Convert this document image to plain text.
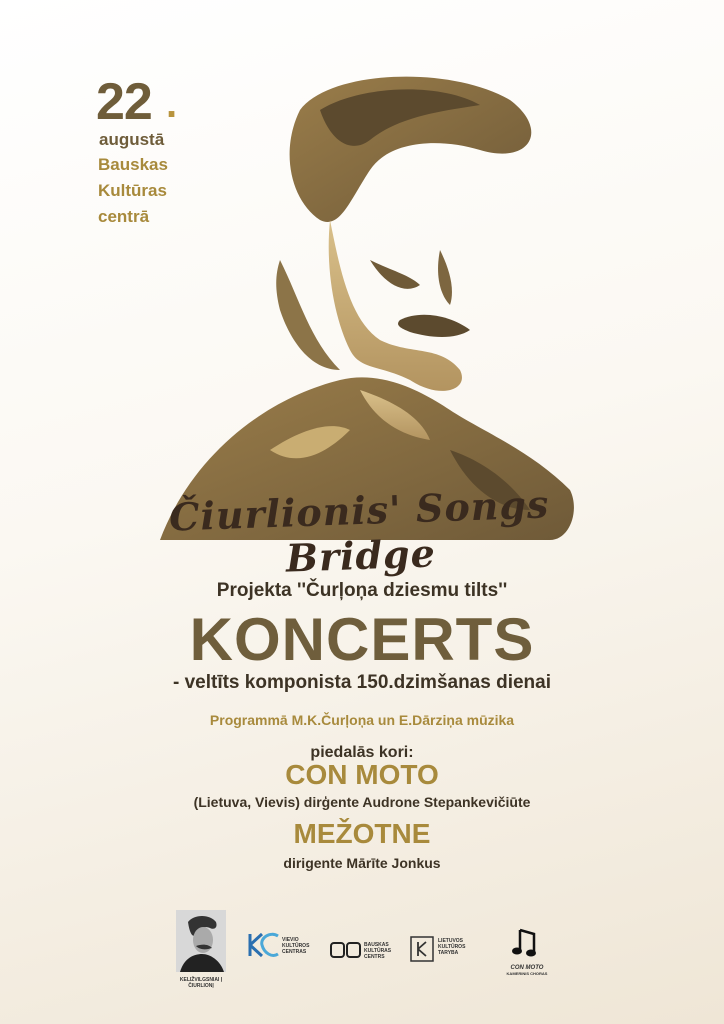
22 .
augustā
Bauskas
Kultūras
centrā
Čiurlionis' Songs Bridge
Projekta ''Čurļoņa dziesmu tilts''
KONCERTS
- veltīts komponista 150.dzimšanas dienai
Programmā M.K.Čurļoņa un E.Dārziņa mūzika
piedalās kori:
CON MOTO
(Lietuva, Vievis) dirģente Audrone Stepankevičiūte
MEŽOTNE
dirigente Mārīte Jonkus
KELIŽVILGSNIAI Į
ČIURLIONĮ
VIEVIO
KULTŪROS
CENTRAS
BAUSKAS
KULTŪRAS
CENTRS
LIETUVOS
KULTŪROS
TARYBA
CON MOTO
KAMERINIS CHORAS
